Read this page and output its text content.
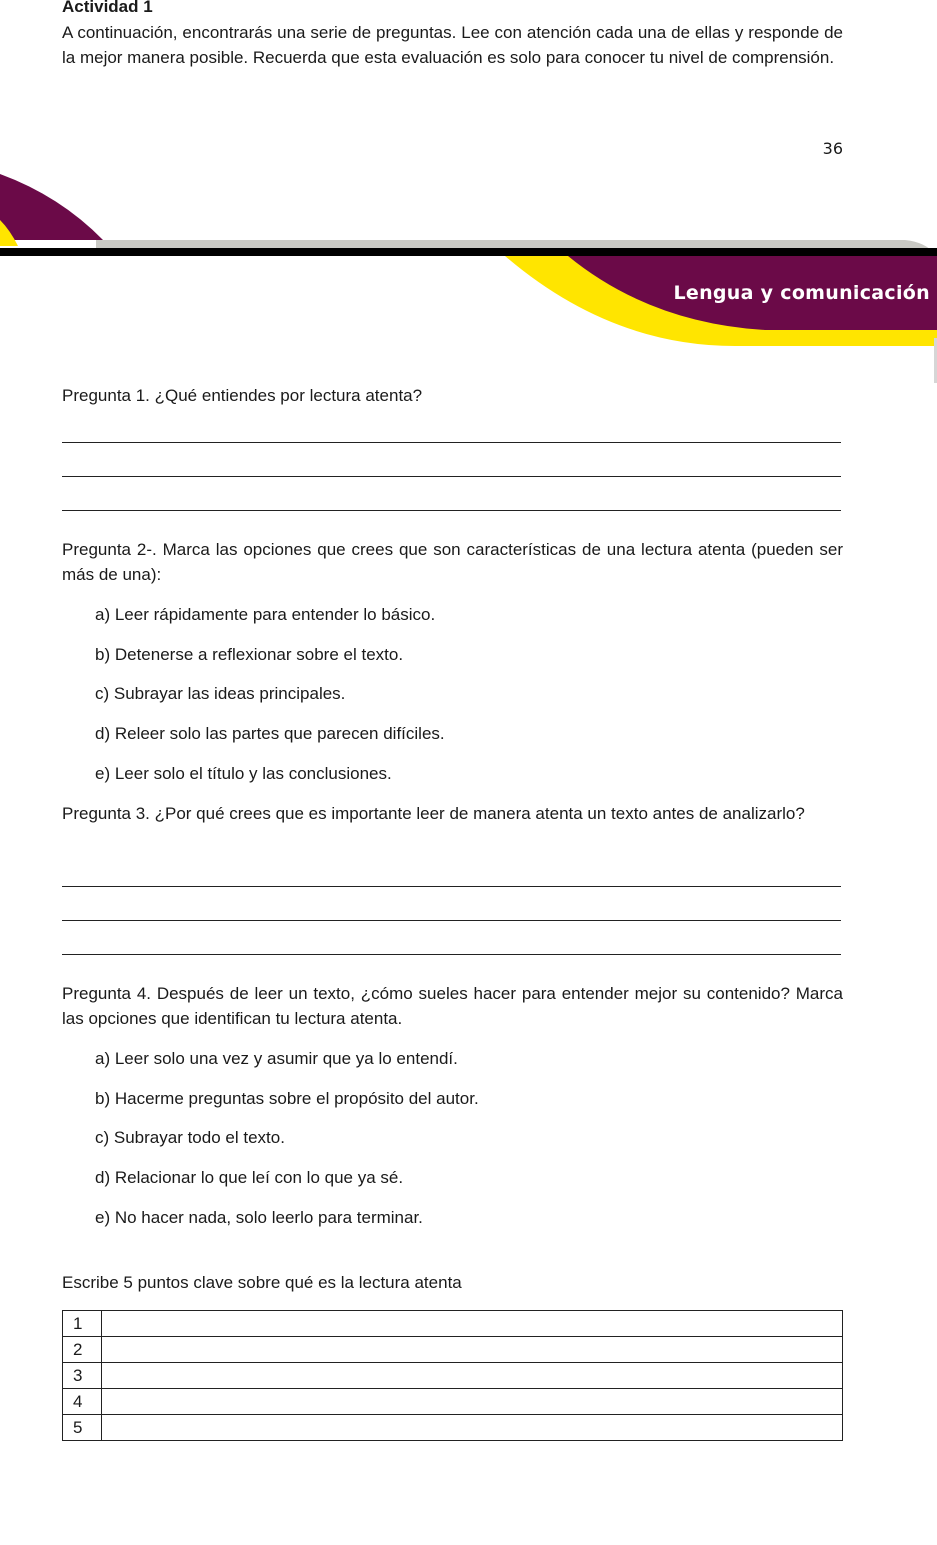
Actividad 1
A continuación, encontrarás una serie de preguntas. Lee con atención cada una de ellas y responde de la mejor manera posible. Recuerda que esta evaluación es solo para conocer tu nivel de comprensión.
36
Lengua y comunicación
Pregunta 1. ¿Qué entiendes por lectura atenta?
Pregunta 2-. Marca las opciones que crees que son características de una lectura atenta (pueden ser más de una):
a) Leer rápidamente para entender lo básico.
b) Detenerse a reflexionar sobre el texto.
c) Subrayar las ideas principales.
d) Releer solo las partes que parecen difíciles.
e) Leer solo el título y las conclusiones.
Pregunta 3. ¿Por qué crees que es importante leer de manera atenta un texto antes de analizarlo?
Pregunta 4. Después de leer un texto, ¿cómo sueles hacer para entender mejor su contenido? Marca las opciones que identifican tu lectura atenta.
a) Leer solo una vez y asumir que ya lo entendí.
b) Hacerme preguntas sobre el propósito del autor.
c) Subrayar todo el texto.
d) Relacionar lo que leí con lo que ya sé.
e) No hacer nada, solo leerlo para terminar.
Escribe 5 puntos clave sobre qué es la lectura atenta
1	
2	
3	
4	
5	
